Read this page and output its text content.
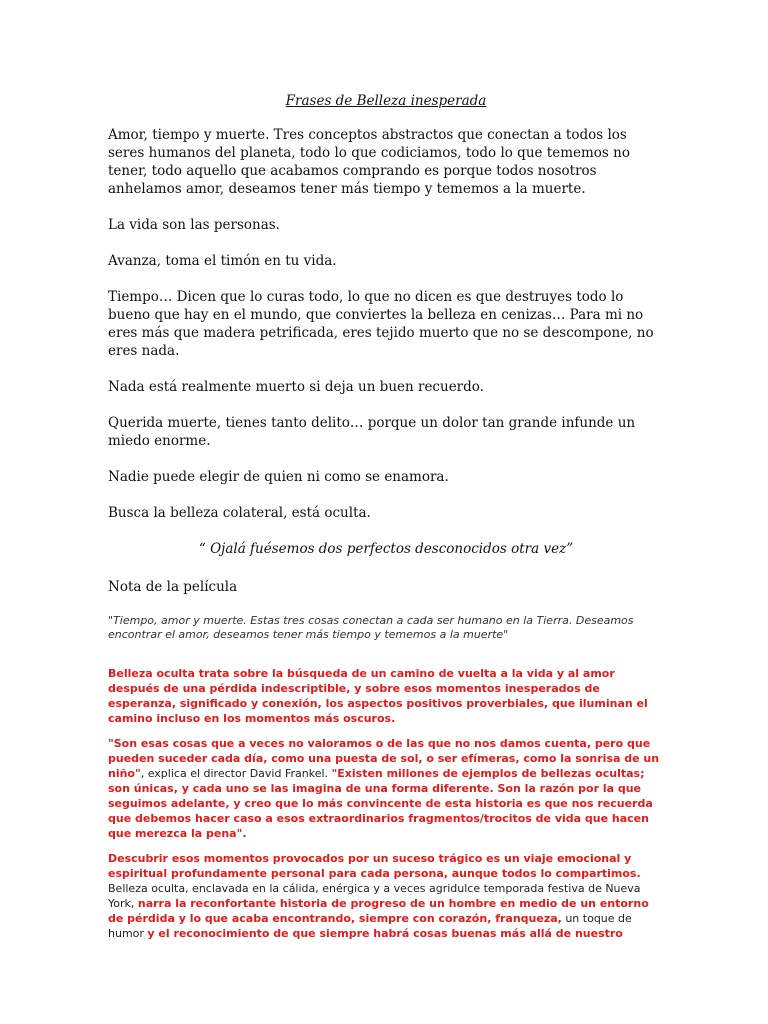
Frases de Belleza inesperada

Amor, tiempo y muerte. Tres conceptos abstractos que conectan a todos los seres humanos del planeta, todo lo que codiciamos, todo lo que tememos no tener, todo aquello que acabamos comprando es porque todos nosotros anhelamos amor, deseamos tener más tiempo y tememos a la muerte.

La vida son las personas.

Avanza, toma el timón en tu vida.

Tiempo… Dicen que lo curas todo, lo que no dicen es que destruyes todo lo bueno que hay en el mundo, que conviertes la belleza en cenizas… Para mi no eres más que madera petrificada, eres tejido muerto que no se descompone, no eres nada.

Nada está realmente muerto si deja un buen recuerdo.

Querida muerte, tienes tanto delito… porque un dolor tan grande infunde un miedo enorme.

Nadie puede elegir de quien ni como se enamora.

Busca la belleza colateral, está oculta.

“ Ojalá fuésemos dos perfectos desconocidos otra vez”

Nota de la película

"Tiempo, amor y muerte. Estas tres cosas conectan a cada ser humano en la Tierra. Deseamos encontrar el amor, deseamos tener más tiempo y tememos a la muerte"

Belleza oculta trata sobre la búsqueda de un camino de vuelta a la vida y al amor después de una pérdida indescriptible, y sobre esos momentos inesperados de esperanza, significado y conexión, los aspectos positivos proverbiales, que iluminan el camino incluso en los momentos más oscuros.

"Son esas cosas que a veces no valoramos o de las que no nos damos cuenta, pero que pueden suceder cada día, como una puesta de sol, o ser efímeras, como la sonrisa de un niño", explica el director David Frankel. "Existen millones de ejemplos de bellezas ocultas; son únicas, y cada uno se las imagina de una forma diferente. Son la razón por la que seguimos adelante, y creo que lo más convincente de esta historia es que nos recuerda que debemos hacer caso a esos extraordinarios fragmentos/trocitos de vida que hacen que merezca la pena".

Descubrir esos momentos provocados por un suceso trágico es un viaje emocional y espiritual profundamente personal para cada persona, aunque todos lo compartimos. Belleza oculta, enclavada en la cálida, enérgica y a veces agridulce temporada festiva de Nueva York, narra la reconfortante historia de progreso de un hombre en medio de un entorno de pérdida y lo que acaba encontrando, siempre con corazón, franqueza, un toque de humor y el reconocimiento de que siempre habrá cosas buenas más allá de nuestro
